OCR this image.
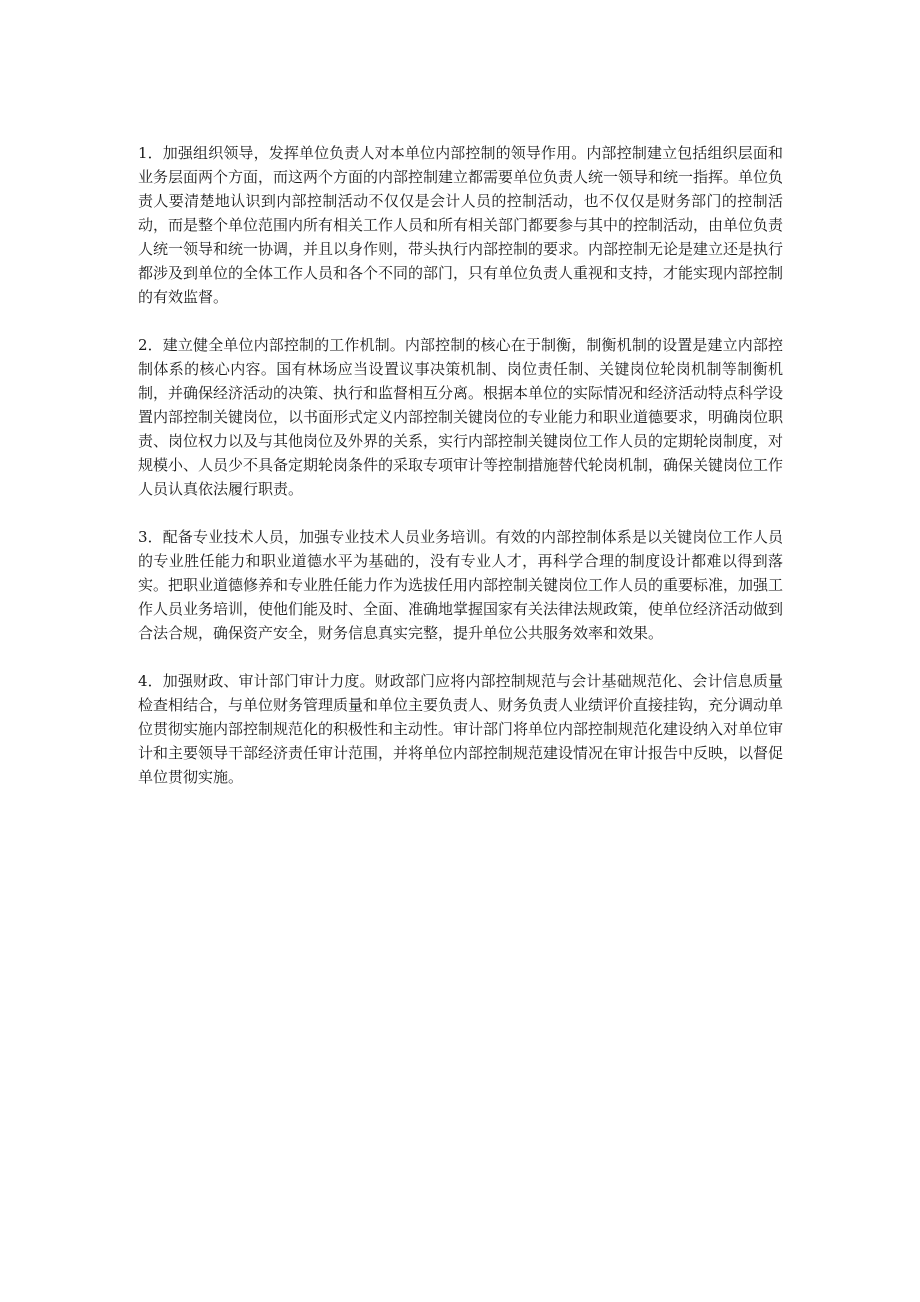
1．加强组织领导，发挥单位负责人对本单位内部控制的领导作用。内部控制建立包括组织层面和业务层面两个方面，而这两个方面的内部控制建立都需要单位负责人统一领导和统一指挥。单位负责人要清楚地认识到内部控制活动不仅仅是会计人员的控制活动，也不仅仅是财务部门的控制活动，而是整个单位范围内所有相关工作人员和所有相关部门都要参与其中的控制活动，由单位负责人统一领导和统一协调，并且以身作则，带头执行内部控制的要求。内部控制无论是建立还是执行都涉及到单位的全体工作人员和各个不同的部门，只有单位负责人重视和支持，才能实现内部控制的有效监督。

2．建立健全单位内部控制的工作机制。内部控制的核心在于制衡，制衡机制的设置是建立内部控制体系的核心内容。国有林场应当设置议事决策机制、岗位责任制、关键岗位轮岗机制等制衡机制，并确保经济活动的决策、执行和监督相互分离。根据本单位的实际情况和经济活动特点科学设置内部控制关键岗位，以书面形式定义内部控制关键岗位的专业能力和职业道德要求，明确岗位职责、岗位权力以及与其他岗位及外界的关系，实行内部控制关键岗位工作人员的定期轮岗制度，对规模小、人员少不具备定期轮岗条件的采取专项审计等控制措施替代轮岗机制，确保关键岗位工作人员认真依法履行职责。

3．配备专业技术人员，加强专业技术人员业务培训。有效的内部控制体系是以关键岗位工作人员的专业胜任能力和职业道德水平为基础的，没有专业人才，再科学合理的制度设计都难以得到落实。把职业道德修养和专业胜任能力作为选拔任用内部控制关键岗位工作人员的重要标准，加强工作人员业务培训，使他们能及时、全面、准确地掌握国家有关法律法规政策，使单位经济活动做到合法合规，确保资产安全，财务信息真实完整，提升单位公共服务效率和效果。

4．加强财政、审计部门审计力度。财政部门应将内部控制规范与会计基础规范化、会计信息质量检查相结合，与单位财务管理质量和单位主要负责人、财务负责人业绩评价直接挂钩，充分调动单位贯彻实施内部控制规范化的积极性和主动性。审计部门将单位内部控制规范化建设纳入对单位审计和主要领导干部经济责任审计范围，并将单位内部控制规范建设情况在审计报告中反映，以督促单位贯彻实施。
